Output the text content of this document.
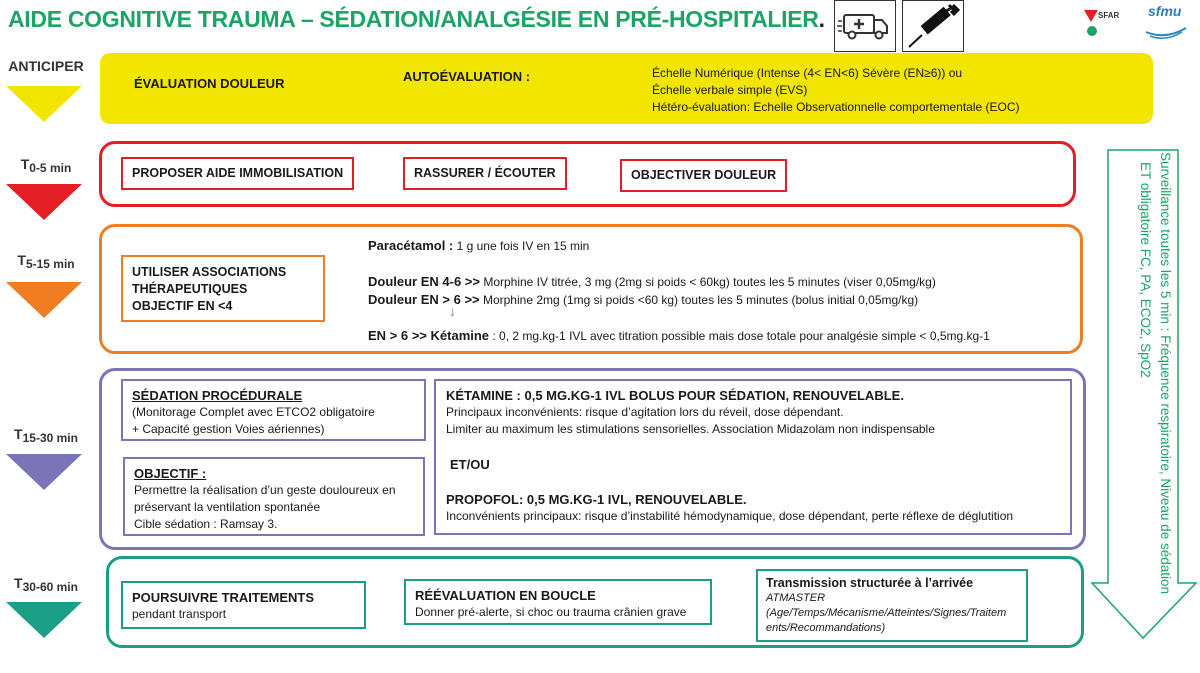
AIDE COGNITIVE TRAUMA – SÉDATION/ANALGÉSIE EN PRÉ-HOSPITALIER.	SFAR sfmu
ANTICIPER
ÉVALUATION DOULEUR	AUTOÉVALUATION :	Échelle Numérique (Intense (4< EN<6) Sévère (EN≥6)) ou
Échelle verbale simple (EVS)
Hétéro-évaluation: Echelle Observationnelle comportementale (EOC)
$T_{0-5 min}$	PROPOSER AIDE IMMOBILISATION	RASSURER / ÉCOUTER	OBJECTIVER DOULEUR
$T_{5-15 min}$
UTILISER ASSOCIATIONS
THÉRAPEUTIQUES
OBJECTIF EN <4
Paracétamol : 1 g une fois IV en 15 min
Douleur EN 4-6 >> Morphine IV titrée, 3 mg (2mg si poids < 60kg) toutes les 5 minutes (viser 0,05mg/kg)
Douleur EN > 6 >> Morphine 2mg (1mg si poids <60 kg) toutes les 5 minutes (bolus initial 0,05mg/kg)
↓
EN > 6 >> Kétamine : 0, 2 mg.kg-1 IVL avec titration possible mais dose totale pour analgésie simple < 0,5mg.kg-1
$T_{15-30 min}$
SÉDATION PROCÉDURALE
(Monitorage Complet avec ETCO2 obligatoire
+ Capacité gestion Voies aériennes)
OBJECTIF :
Permettre la réalisation d’un geste douloureux en
préservant la ventilation spontanée
Cible sédation : Ramsay 3.
KÉTAMINE : 0,5 MG.KG-1 IVL BOLUS POUR SÉDATION, RENOUVELABLE.
Principaux inconvénients: risque d’agitation lors du réveil, dose dépendant.
Limiter au maximum les stimulations sensorielles. Association Midazolam non indispensable
ET/OU
PROPOFOL: 0,5 MG.KG-1 IVL, RENOUVELABLE.
Inconvénients principaux: risque d’instabilité hémodynamique, dose dépendant, perte réflexe de déglutition
$T_{30-60 min}$
POURSUIVRE TRAITEMENTS
pendant transport
RÉÉVALUATION EN BOUCLE
Donner pré-alerte, si choc ou trauma crânien grave
Transmission structurée à l’arrivée
ATMASTER
(Age/Temps/Mécanisme/Atteintes/Signes/Traitem
ents/Recommandations)
Surveillance toutes les 5 min : Fréquence respiratoire, Niveau de sédation
ET obligatoire FC, PA, ECO2, SpO2
